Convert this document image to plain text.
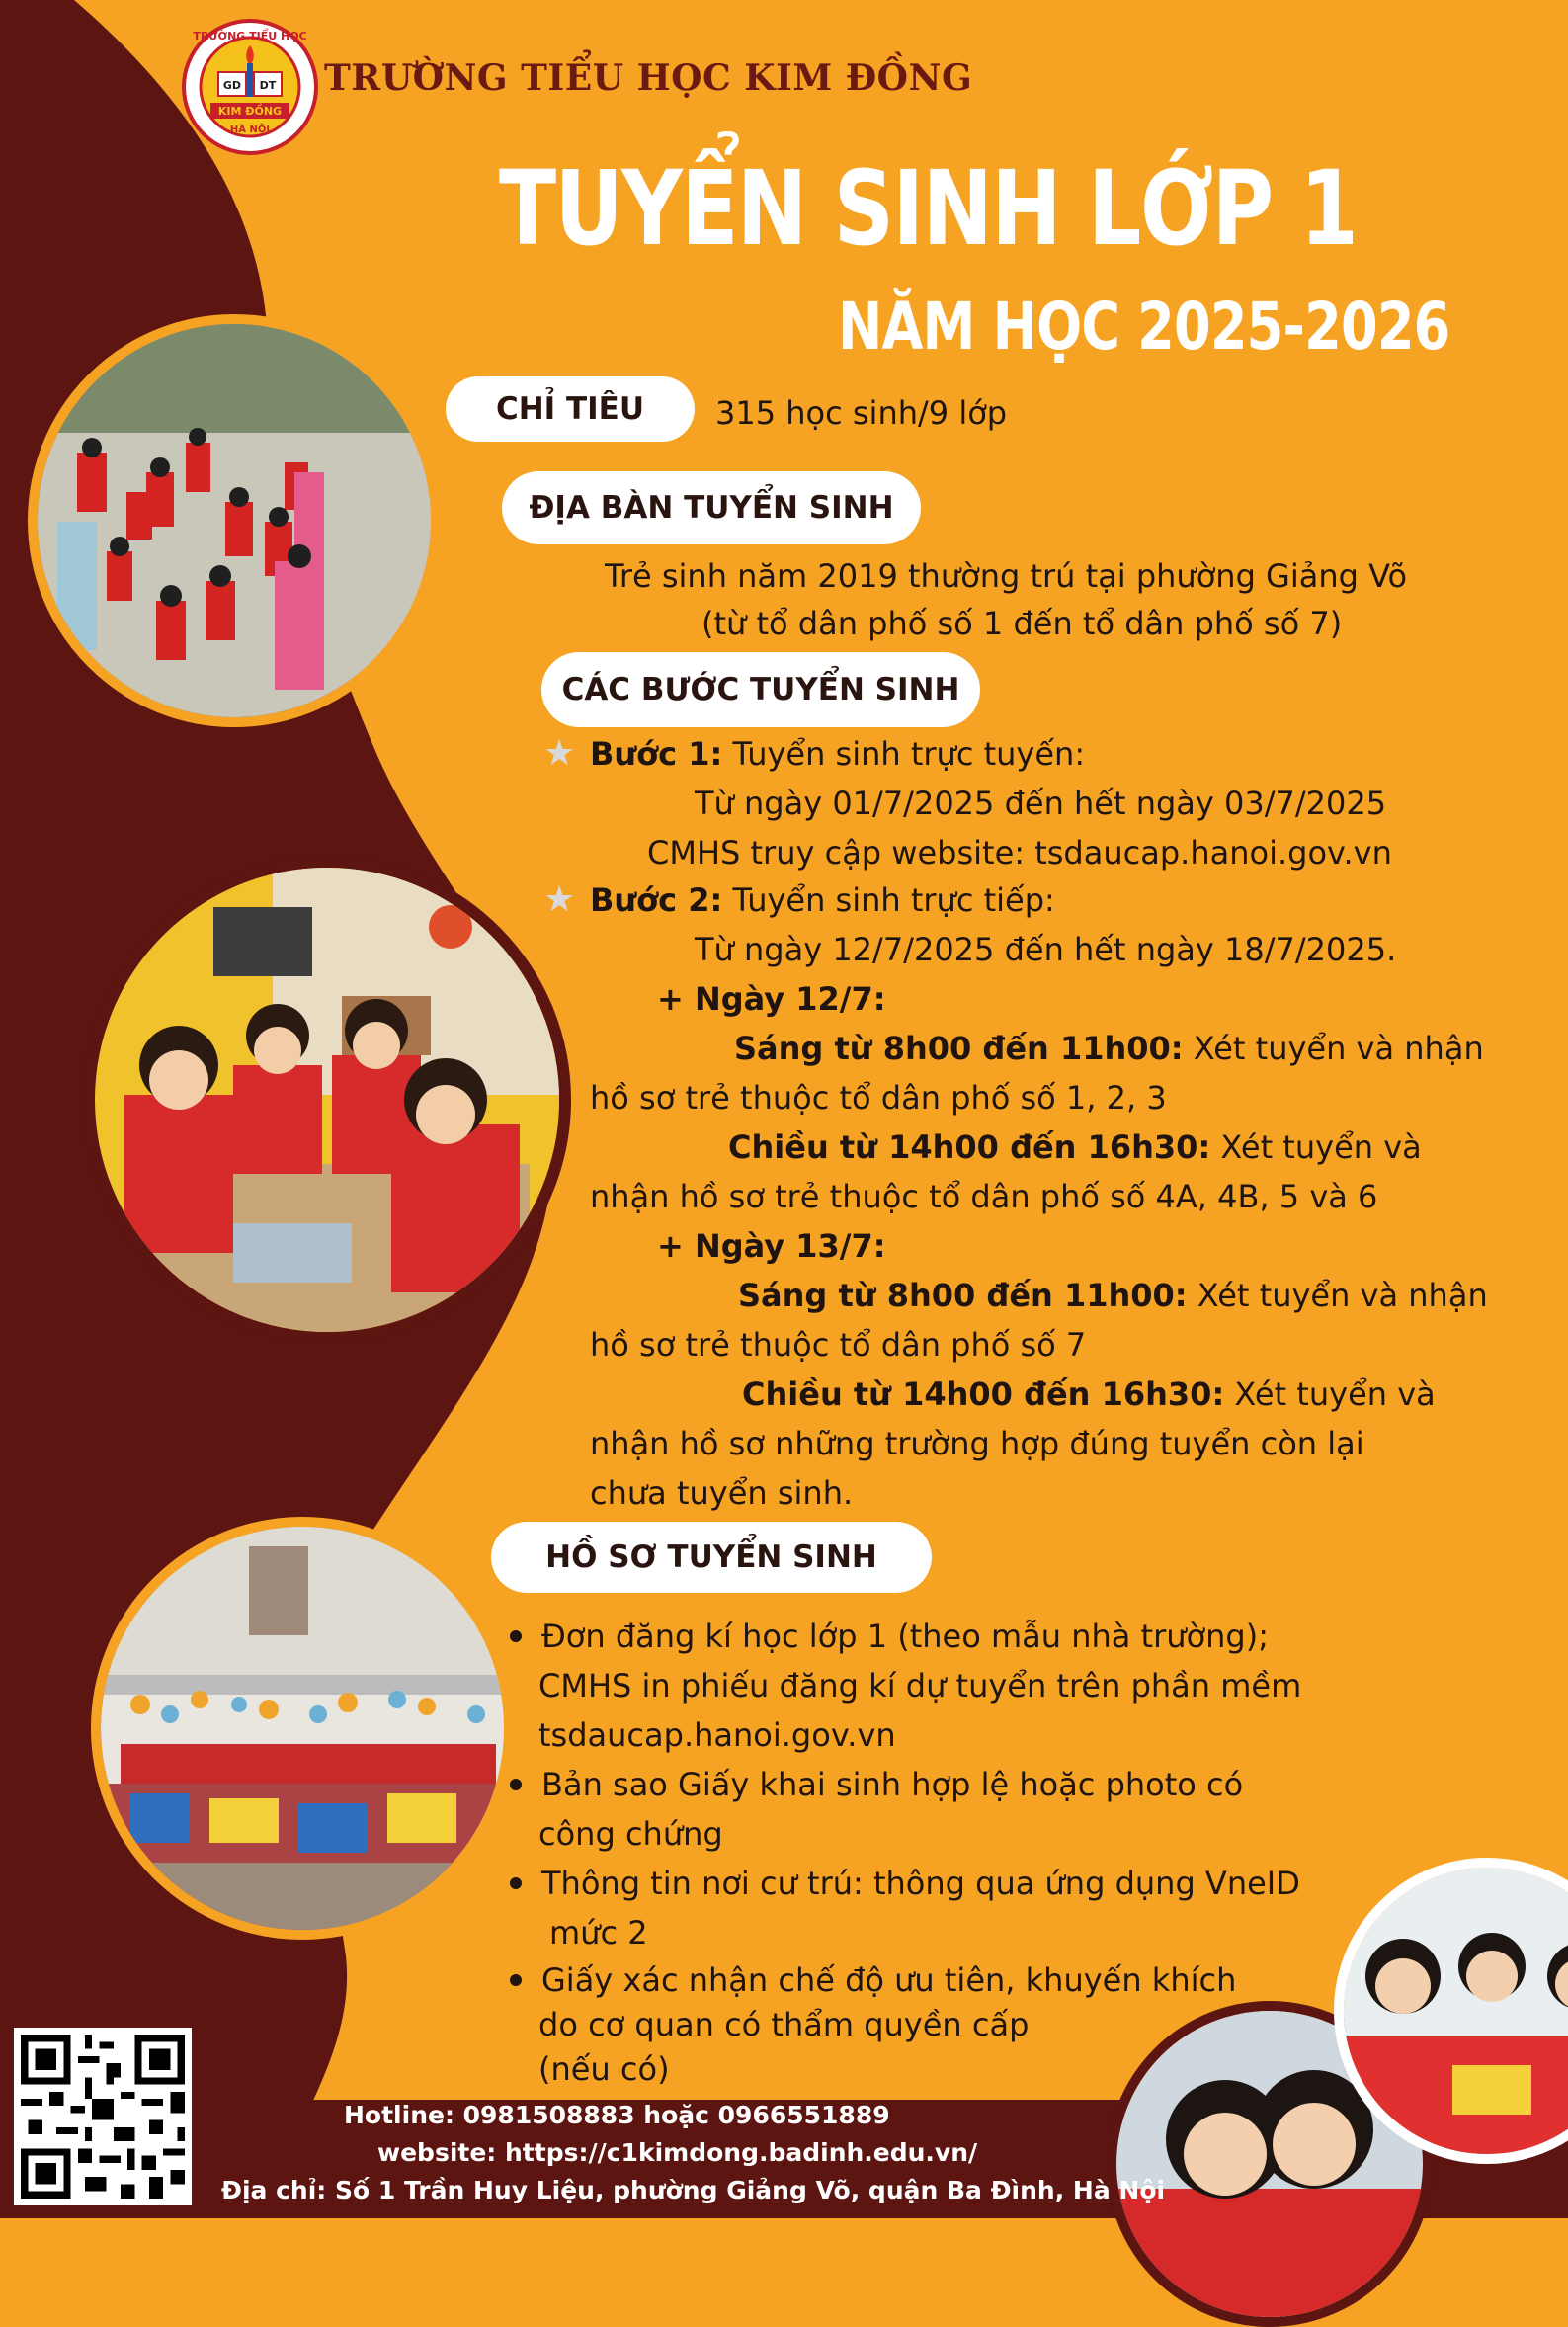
TRƯỜNG TIỂU HỌC
GD DT
KIM ĐỒNG
HÀ NỘI
TRƯỜNG TIỂU HỌC KIM ĐỒNG
TUYỂN SINH LỚP 1
NĂM HỌC 2025-2026
CHỈ TIÊU	315 học sinh/9 lớp
ĐỊA BÀN TUYỂN SINH
Trẻ sinh năm 2019 thường trú tại phường Giảng Võ
(từ tổ dân phố số 1 đến tổ dân phố số 7)
CÁC BƯỚC TUYỂN SINH
★ Bước 1: Tuyển sinh trực tuyến:
Từ ngày 01/7/2025 đến hết ngày 03/7/2025
CMHS truy cập website: tsdaucap.hanoi.gov.vn
★ Bước 2: Tuyển sinh trực tiếp:
Từ ngày 12/7/2025 đến hết ngày 18/7/2025.
+ Ngày 12/7:
Sáng từ 8h00 đến 11h00: Xét tuyển và nhận
hồ sơ trẻ thuộc tổ dân phố số 1, 2, 3
Chiều từ 14h00 đến 16h30: Xét tuyển và
nhận hồ sơ trẻ thuộc tổ dân phố số 4A, 4B, 5 và 6
+ Ngày 13/7:
Sáng từ 8h00 đến 11h00: Xét tuyển và nhận
hồ sơ trẻ thuộc tổ dân phố số 7
Chiều từ 14h00 đến 16h30: Xét tuyển và
nhận hồ sơ những trường hợp đúng tuyển còn lại
chưa tuyển sinh.
HỒ SƠ TUYỂN SINH
Đơn đăng kí học lớp 1 (theo mẫu nhà trường);
CMHS in phiếu đăng kí dự tuyển trên phần mềm
tsdaucap.hanoi.gov.vn
Bản sao Giấy khai sinh hợp lệ hoặc photo có
công chứng
Thông tin nơi cư trú: thông qua ứng dụng VneID
mức 2
Giấy xác nhận chế độ ưu tiên, khuyến khích
do cơ quan có thẩm quyền cấp
(nếu có)
Hotline: 0981508883 hoặc 0966551889
website: https://c1kimdong.badinh.edu.vn/
Địa chỉ: Số 1 Trần Huy Liệu, phường Giảng Võ, quận Ba Đình, Hà Nội
